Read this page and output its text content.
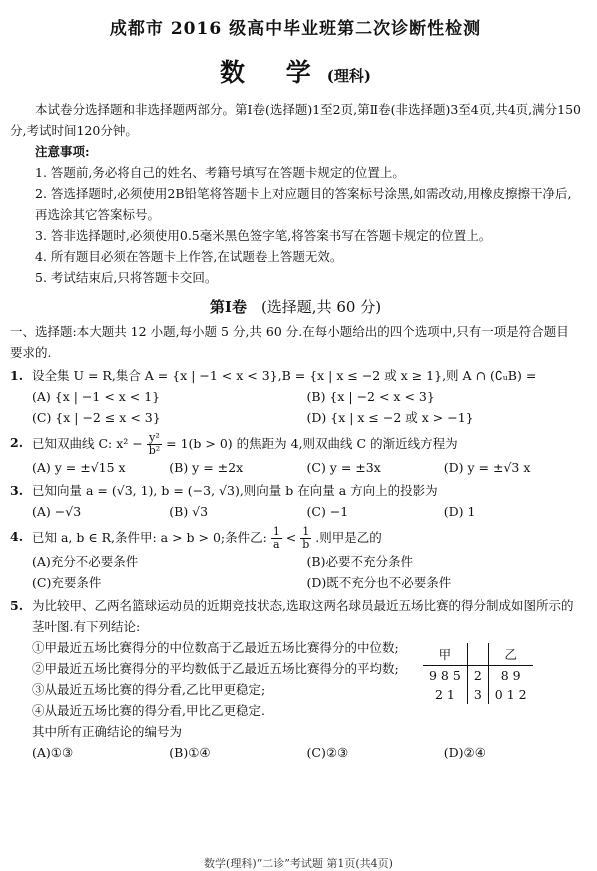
成都市 2016 级高中毕业班第二次诊断性检测
数 学(理科)
本试卷分选择题和非选择题两部分。第Ⅰ卷(选择题)1至2页,第Ⅱ卷(非选择题)3至4页,共4页,满分150分,考试时间120分钟。
注意事项:
1. 答题前,务必将自己的姓名、考籍号填写在答题卡规定的位置上。
2. 答选择题时,必须使用2B铅笔将答题卡上对应题目的答案标号涂黑,如需改动,用橡皮擦擦干净后,再选涂其它答案标号。
3. 答非选择题时,必须使用0.5毫米黑色签字笔,将答案书写在答题卡规定的位置上。
4. 所有题目必须在答题卡上作答,在试题卷上答题无效。
5. 考试结束后,只将答题卡交回。
第Ⅰ卷 (选择题,共 60 分)
一、选择题:本大题共 12 小题,每小题 5 分,共 60 分.在每小题给出的四个选项中,只有一项是符合题目要求的.
1. 设全集 U = R,集合 A = {x | −1 < x < 3},B = {x | x ≤ −2 或 x ≥ 1},则 A ∩ (∁ᵤB) =
(A) {x | −1 < x < 1}	(B) {x | −2 < x < 3}
(C) {x | −2 ≤ x < 3}	(D) {x | x ≤ −2 或 x > −1}
2. 已知双曲线 C: $x^2 - \frac{\text{y²}}{\text{b²}} = 1(b > 0)$ 的焦距为 4,则双曲线 C 的渐近线方程为
(A) y = ±√15 x	(B) y = ±2x	(C) y = ±3x	(D) y = ±√3 x
3. 已知向量 a = (√3, 1), b = (−3, √3),则向量 b 在向量 a 方向上的投影为
(A) −√3	(B) √3	(C) −1	(D) 1
4. 已知 a, b ∈ R,条件甲: a > b > 0;条件乙: $\frac{1}{a} < \frac{1}{b}$ .则甲是乙的
(A)充分不必要条件	(B)必要不充分条件
(C)充要条件	(D)既不充分也不必要条件
5. 为比较甲、乙两名篮球运动员的近期竞技状态,选取这两名球员最近五场比赛的得分制成如图所示的茎叶图.有下列结论:
①甲最近五场比赛得分的中位数高于乙最近五场比赛得分的中位数;
②甲最近五场比赛得分的平均数低于乙最近五场比赛得分的平均数;
③从最近五场比赛的得分看,乙比甲更稳定;
④从最近五场比赛的得分看,甲比乙更稳定.
甲		乙
9 8 5	2	8 9
2 1	3	0 1 2
其中所有正确结论的编号为
(A)①③	(B)①④	(C)②③	(D)②④
数学(理科)“二诊”考试题 第1页(共4页)
